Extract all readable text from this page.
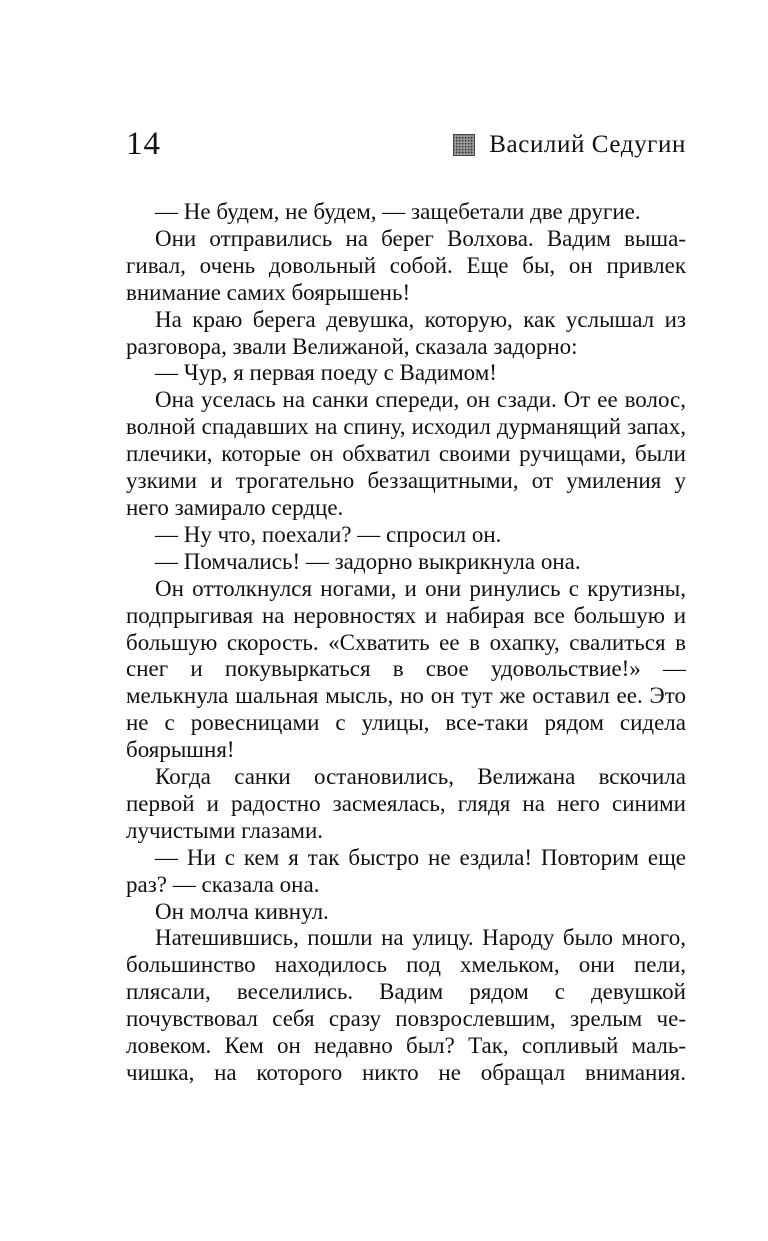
14	Василий Седугин

— Не будем, не будем, — защебетали две другие.

Они отправились на берег Волхова. Вадим вышагивал, очень довольный собой. Еще бы, он привлек внимание самих боярышень!

На краю берега девушка, которую, как услышал из разговора, звали Велижаной, сказала задорно:

— Чур, я первая поеду с Вадимом!

Она уселась на санки спереди, он сзади. От ее волос, волной спадавших на спину, исходил дурманящий запах, плечики, которые он обхватил своими ручищами, были узкими и трогательно беззащитными, от умиления у него замирало сердце.

— Ну что, поехали? — спросил он.

— Помчались! — задорно выкрикнула она.

Он оттолкнулся ногами, и они ринулись с крутизны, подпрыгивая на неровностях и набирая все большую и большую скорость. «Схватить ее в охапку, свалиться в снег и покувыркаться в свое удовольствие!» — мелькнула шальная мысль, но он тут же оставил ее. Это не с ровесницами с улицы, все-таки рядом сидела боярышня!

Когда санки остановились, Велижана вскочила первой и радостно засмеялась, глядя на него синими лучистыми глазами.

— Ни с кем я так быстро не ездила! Повторим еще раз? — сказала она.

Он молча кивнул.

Натешившись, пошли на улицу. Народу было много, большинство находилось под хмельком, они пели, плясали, веселились. Вадим рядом с девушкой почувствовал себя сразу повзрослевшим, зрелым человеком. Кем он недавно был? Так, сопливый мальчишка, на которого никто не обращал внимания.
